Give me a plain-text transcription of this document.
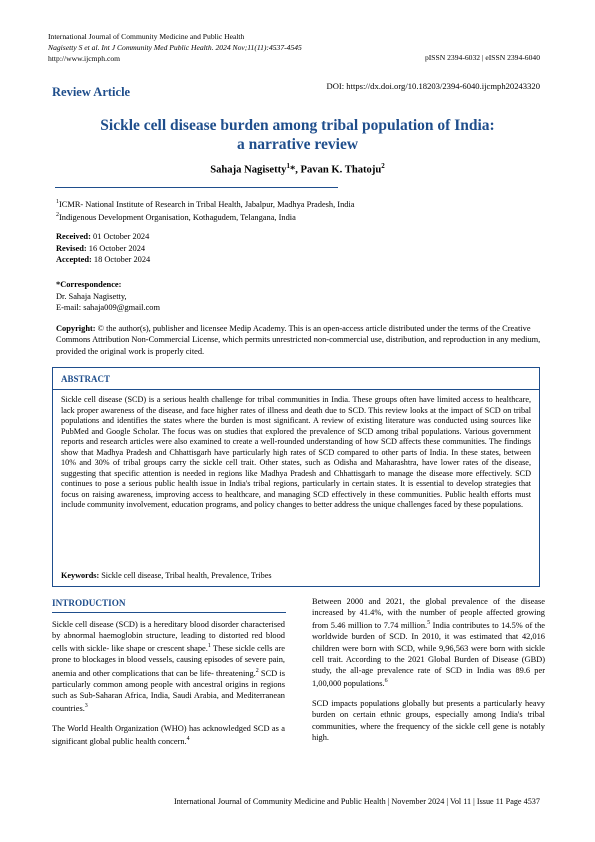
International Journal of Community Medicine and Public Health
Nagisetty S et al. Int J Community Med Public Health. 2024 Nov;11(11):4537-4545
http://www.ijcmph.com	pISSN 2394-6032 | eISSN 2394-6040
DOI: https://dx.doi.org/10.18203/2394-6040.ijcmph20243320
Review Article
Sickle cell disease burden among tribal population of India:
a narrative review
Sahaja Nagisetty$^1$*, Pavan K. Thatoju$^2$
$^1$ICMR- National Institute of Research in Tribal Health, Jabalpur, Madhya Pradesh, India
$^2$Indigenous Development Organisation, Kothagudem, Telangana, India
Received: 01 October 2024
Revised: 16 October 2024
Accepted: 18 October 2024
*Correspondence:
Dr. Sahaja Nagisetty,
E-mail: sahaja009@gmail.com
Copyright: © the author(s), publisher and licensee Medip Academy. This is an open-access article distributed under the terms of the Creative Commons Attribution Non-Commercial License, which permits unrestricted non-commercial use, distribution, and reproduction in any medium, provided the original work is properly cited.
ABSTRACT
Sickle cell disease (SCD) is a serious health challenge for tribal communities in India. These groups often have limited access to healthcare, lack proper awareness of the disease, and face higher rates of illness and death due to SCD. This review looks at the impact of SCD on tribal populations and identifies the states where the burden is most significant. A review of existing literature was conducted using sources like PubMed and Google Scholar. The focus was on studies that explored the prevalence of SCD among tribal populations. Various government reports and research articles were also examined to create a well-rounded understanding of how SCD affects these communities. The findings show that Madhya Pradesh and Chhattisgarh have particularly high rates of SCD compared to other parts of India. In these states, between 10% and 30% of tribal groups carry the sickle cell trait. Other states, such as Odisha and Maharashtra, have lower rates of the disease, suggesting that specific attention is needed in regions like Madhya Pradesh and Chhattisgarh to manage the disease more effectively. SCD continues to pose a serious public health issue in India's tribal regions, particularly in certain states. It is essential to develop strategies that focus on raising awareness, improving access to healthcare, and managing SCD effectively in these communities. Public health efforts must include community involvement, education programs, and policy changes to better address the unique challenges faced by these populations.
Keywords: Sickle cell disease, Tribal health, Prevalence, Tribes
INTRODUCTION

Sickle cell disease (SCD) is a hereditary blood disorder characterised by abnormal haemoglobin structure, leading to distorted red blood cells with sickle- like shape or crescent shape.$^1$ These sickle cells are prone to blockages in blood vessels, causing episodes of severe pain, anemia and other complications that can be life- threatening.$^2$ SCD is particularly common among people with ancestral origins in regions such as Sub-Saharan Africa, India, Saudi Arabia, and Mediterranean countries.$^3$

The World Health Organization (WHO) has acknowledged SCD as a significant global public health concern.$^4$

Between 2000 and 2021, the global prevalence of the disease increased by 41.4%, with the number of people affected growing from 5.46 million to 7.74 million.$^5$ India contributes to 14.5% of the worldwide burden of SCD. In 2010, it was estimated that 42,016 children were born with SCD, while 9,96,563 were born with sickle cell trait. According to the 2021 Global Burden of Disease (GBD) study, the all-age prevalence rate of SCD in India was 89.6 per 1,00,000 populations.$^6$

SCD impacts populations globally but presents a particularly heavy burden on certain ethnic groups, especially among India's tribal communities, where the frequency of the sickle cell gene is notably high.

International Journal of Community Medicine and Public Health | November 2024 | Vol 11 | Issue 11 Page 4537
